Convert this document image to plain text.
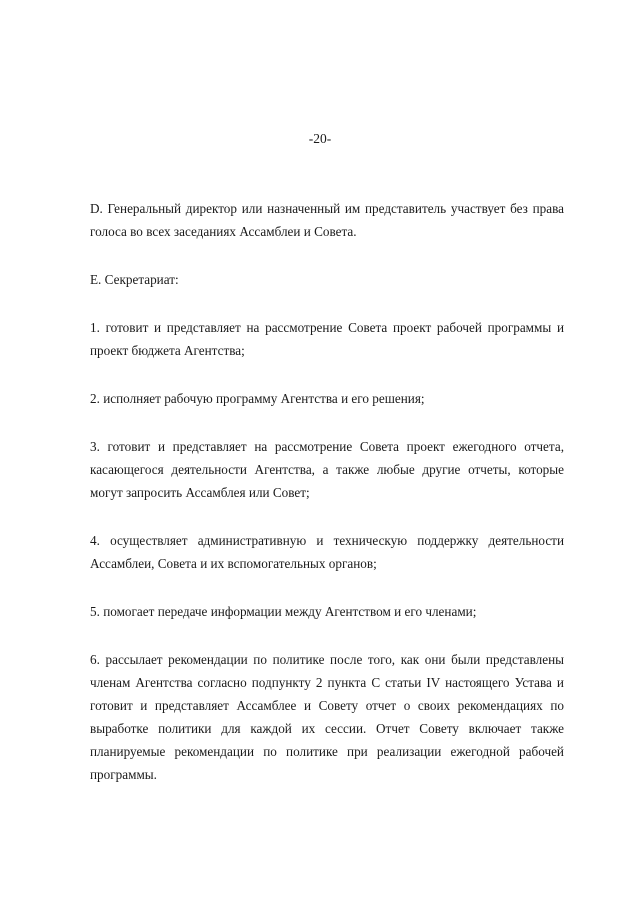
-20-

D. Генеральный директор или назначенный им представитель участвует без права голоса во всех заседаниях Ассамблеи и Совета.

E. Секретариат:

1. готовит и представляет на рассмотрение Совета проект рабочей программы и проект бюджета Агентства;

2. исполняет рабочую программу Агентства и его решения;

3. готовит и представляет на рассмотрение Совета проект ежегодного отчета, касающегося деятельности Агентства, а также любые другие отчеты, которые могут запросить Ассамблея или Совет;

4. осуществляет административную и техническую поддержку деятельности Ассамблеи, Совета и их вспомогательных органов;

5. помогает передаче информации между Агентством и его членами;

6. рассылает рекомендации по политике после того, как они были представлены членам Агентства согласно подпункту 2 пункта С статьи IV настоящего Устава и готовит и представляет Ассамблее и Совету отчет о своих рекомендациях по выработке политики для каждой их сессии. Отчет Совету включает также планируемые рекомендации по политике при реализации ежегодной рабочей программы.
